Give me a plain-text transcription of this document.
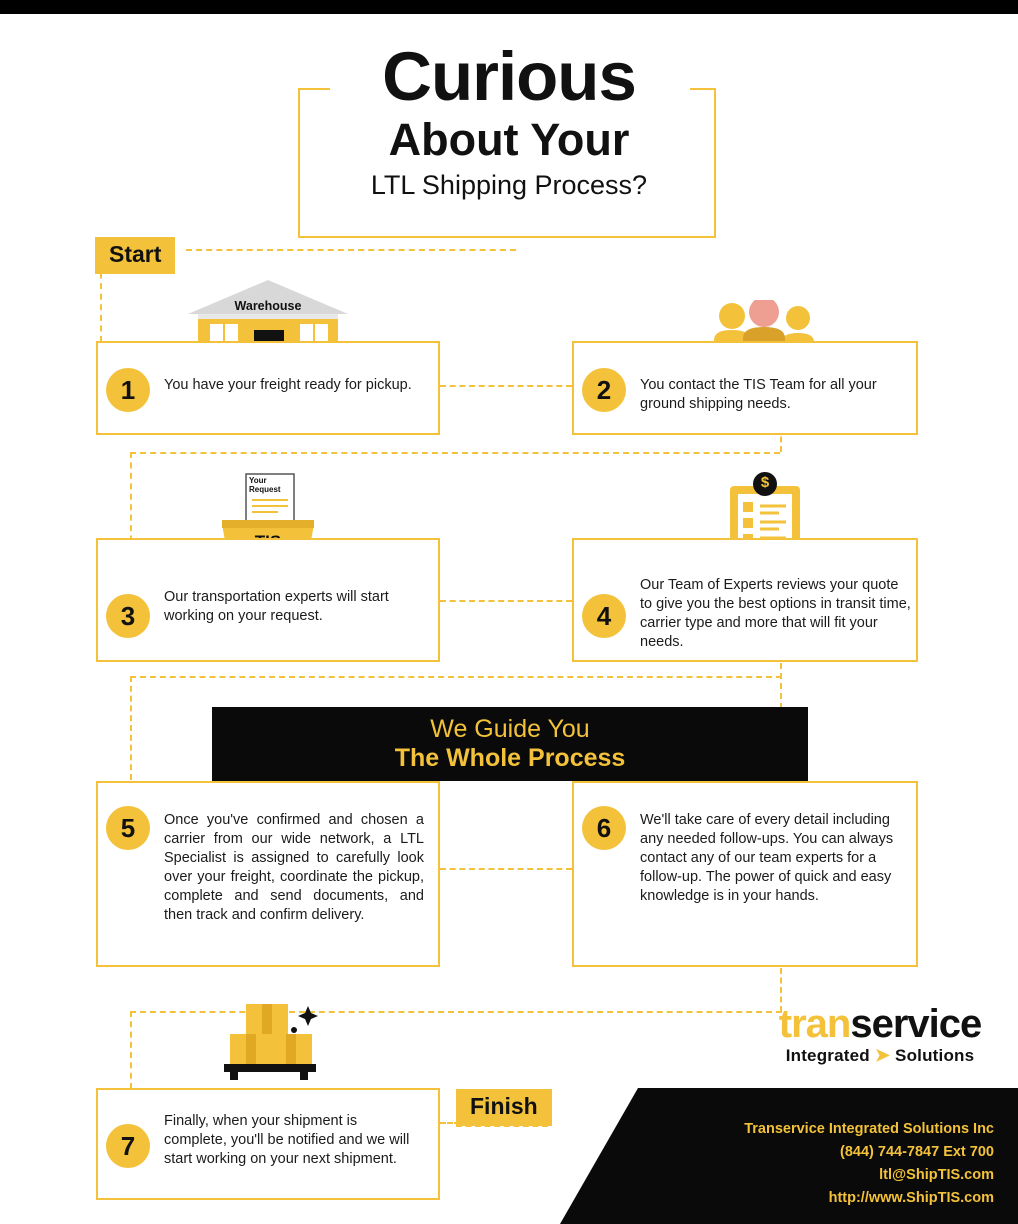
Curious
About Your
LTL Shipping Process?
Start
Finish
Warehouse
Your Request	$
1	You have your freight ready for pickup.	2	You contact the TIS Team for all your ground shipping needs.
3
Our transportation experts will start working on your request.	4
Our Team of Experts reviews your quote to give you the best options in transit time, carrier type and more that will fit your needs.
We Guide You
The Whole Process
5	Once you've confirmed and chosen a carrier from our wide network, a LTL Specialist is assigned to carefully look over your freight, coordinate the pickup, complete and send documents, and then track and confirm delivery.
6	We'll take care of every detail including any needed follow-ups. You can always contact any of our team experts for a follow-up. The power of quick and easy knowledge is in your hands.
7
Finally, when your shipment is complete, you'll be notified and we will start working on your next shipment.
Transervice Integrated Solutions Inc
(844) 744-7847 Ext 700
ltl@ShipTIS.com
http://www.ShipTIS.com
transervice
Integrated ➤ Solutions
